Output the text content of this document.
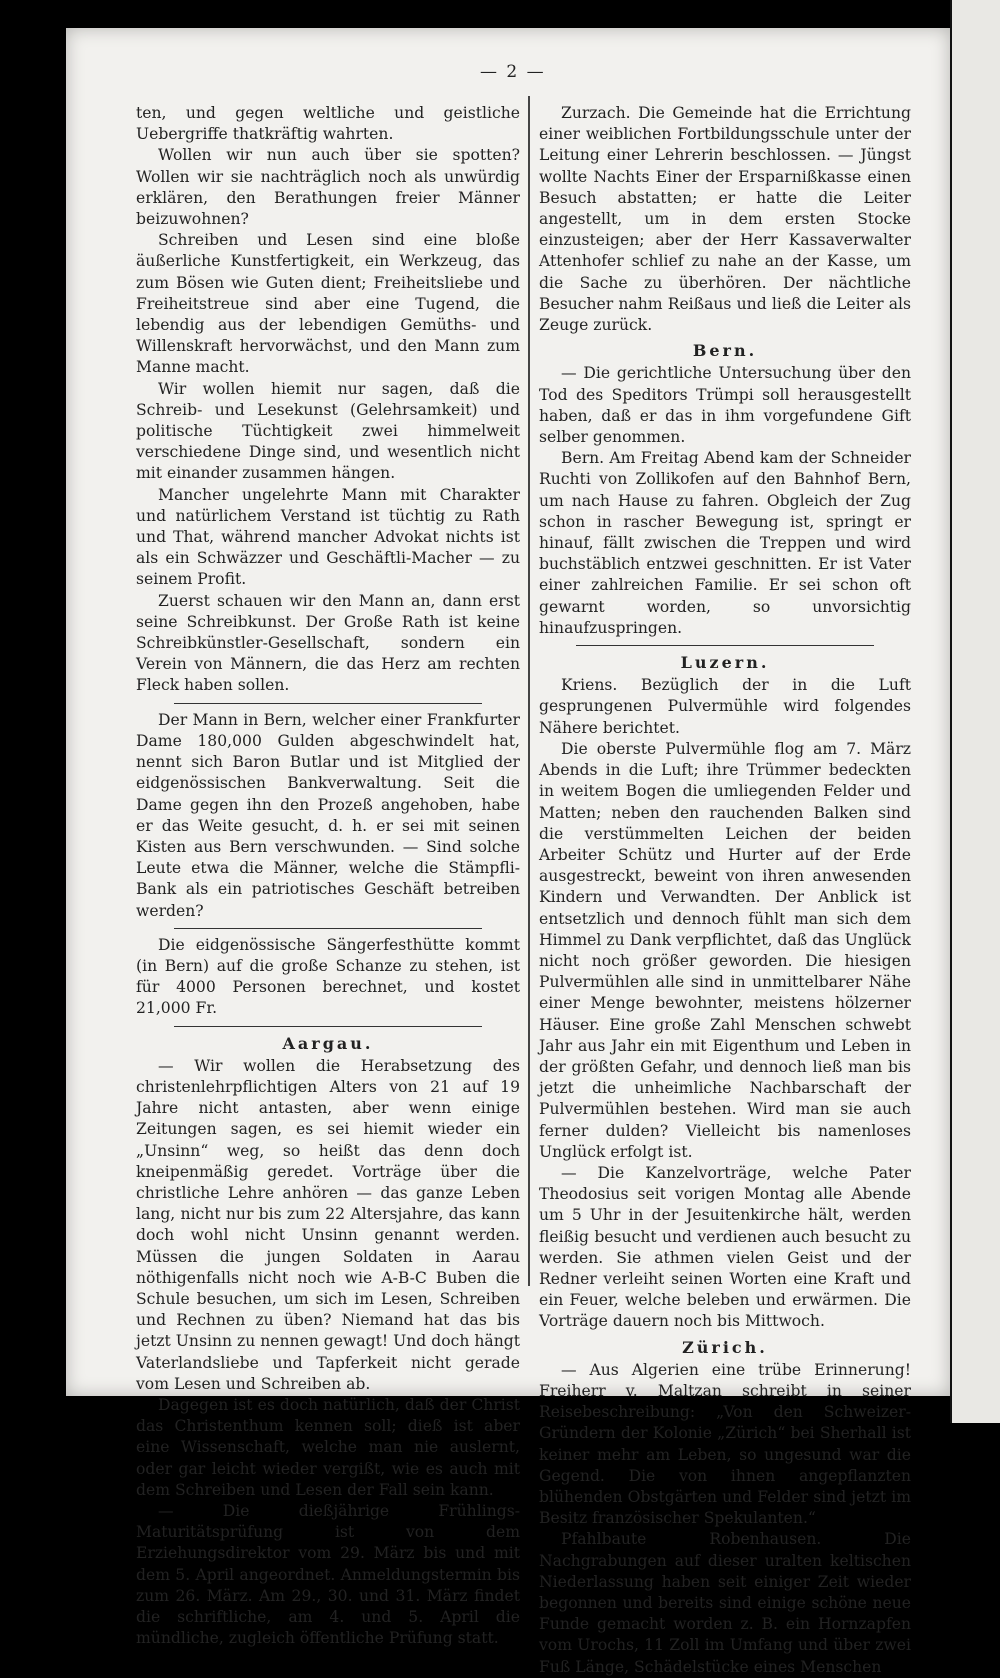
— 2 —

ten, und gegen weltliche und geistliche Uebergriffe thatkräftig wahrten.

Wollen wir nun auch über sie spotten? Wollen wir sie nachträglich noch als unwürdig erklären, den Berathungen freier Männer beizuwohnen?

Schreiben und Lesen sind eine bloße äußerliche Kunstfertigkeit, ein Werkzeug, das zum Bösen wie Guten dient; Freiheitsliebe und Freiheitstreue sind aber eine Tugend, die lebendig aus der lebendigen Gemüths- und Willenskraft hervorwächst, und den Mann zum Manne macht.

Wir wollen hiemit nur sagen, daß die Schreib- und Lesekunst (Gelehrsamkeit) und politische Tüchtigkeit zwei himmelweit verschiedene Dinge sind, und wesentlich nicht mit einander zusammen hängen.

Mancher ungelehrte Mann mit Charakter und natürlichem Verstand ist tüchtig zu Rath und That, während mancher Advokat nichts ist als ein Schwäzzer und Geschäftli-Macher — zu seinem Profit.

Zuerst schauen wir den Mann an, dann erst seine Schreibkunst. Der Große Rath ist keine Schreibkünstler-Gesellschaft, sondern ein Verein von Männern, die das Herz am rechten Fleck haben sollen.

Der Mann in Bern, welcher einer Frankfurter Dame 180,000 Gulden abgeschwindelt hat, nennt sich Baron Butlar und ist Mitglied der eidgenössischen Bankverwaltung. Seit die Dame gegen ihn den Prozeß angehoben, habe er das Weite gesucht, d. h. er sei mit seinen Kisten aus Bern verschwunden. — Sind solche Leute etwa die Männer, welche die Stämpfli-Bank als ein patriotisches Geschäft betreiben werden?

Die eidgenössische Sängerfesthütte kommt (in Bern) auf die große Schanze zu stehen, ist für 4000 Personen berechnet, und kostet 21,000 Fr.

Aargau.

— Wir wollen die Herabsetzung des christenlehrpflichtigen Alters von 21 auf 19 Jahre nicht antasten, aber wenn einige Zeitungen sagen, es sei hiemit wieder ein „Unsinn“ weg, so heißt das denn doch kneipenmäßig geredet. Vorträge über die christliche Lehre anhören — das ganze Leben lang, nicht nur bis zum 22 Altersjahre, das kann doch wohl nicht Unsinn genannt werden. Müssen die jungen Soldaten in Aarau nöthigenfalls nicht noch wie A-B-C Buben die Schule besuchen, um sich im Lesen, Schreiben und Rechnen zu üben? Niemand hat das bis jetzt Unsinn zu nennen gewagt! Und doch hängt Vaterlandsliebe und Tapferkeit nicht gerade vom Lesen und Schreiben ab.

Dagegen ist es doch natürlich, daß der Christ das Christenthum kennen soll; dieß ist aber eine Wissenschaft, welche man nie auslernt, oder gar leicht wieder vergißt, wie es auch mit dem Schreiben und Lesen der Fall sein kann.

— Die dießjährige Frühlings-Maturitätsprüfung ist von dem Erziehungsdirektor vom 29. März bis und mit dem 5. April angeordnet. Anmeldungstermin bis zum 26. März. Am 29., 30. und 31. März findet die schriftliche, am 4. und 5. April die mündliche, zugleich öffentliche Prüfung statt.

Zurzach. Die Gemeinde hat die Errichtung einer weiblichen Fortbildungsschule unter der Leitung einer Lehrerin beschlossen. — Jüngst wollte Nachts Einer der Ersparnißkasse einen Besuch abstatten; er hatte die Leiter angestellt, um in dem ersten Stocke einzusteigen; aber der Herr Kassaverwalter Attenhofer schlief zu nahe an der Kasse, um die Sache zu überhören. Der nächtliche Besucher nahm Reißaus und ließ die Leiter als Zeuge zurück.

Bern.

— Die gerichtliche Untersuchung über den Tod des Speditors Trümpi soll herausgestellt haben, daß er das in ihm vorgefundene Gift selber genommen.

Bern. Am Freitag Abend kam der Schneider Ruchti von Zollikofen auf den Bahnhof Bern, um nach Hause zu fahren. Obgleich der Zug schon in rascher Bewegung ist, springt er hinauf, fällt zwischen die Treppen und wird buchstäblich entzwei geschnitten. Er ist Vater einer zahlreichen Familie. Er sei schon oft gewarnt worden, so unvorsichtig hinaufzuspringen.

Luzern.

Kriens. Bezüglich der in die Luft gesprungenen Pulvermühle wird folgendes Nähere berichtet.

Die oberste Pulvermühle flog am 7. März Abends in die Luft; ihre Trümmer bedeckten in weitem Bogen die umliegenden Felder und Matten; neben den rauchenden Balken sind die verstümmelten Leichen der beiden Arbeiter Schütz und Hurter auf der Erde ausgestreckt, beweint von ihren anwesenden Kindern und Verwandten. Der Anblick ist entsetzlich und dennoch fühlt man sich dem Himmel zu Dank verpflichtet, daß das Unglück nicht noch größer geworden. Die hiesigen Pulvermühlen alle sind in unmittelbarer Nähe einer Menge bewohnter, meistens hölzerner Häuser. Eine große Zahl Menschen schwebt Jahr aus Jahr ein mit Eigenthum und Leben in der größten Gefahr, und dennoch ließ man bis jetzt die unheimliche Nachbarschaft der Pulvermühlen bestehen. Wird man sie auch ferner dulden? Vielleicht bis namenloses Unglück erfolgt ist.

— Die Kanzelvorträge, welche Pater Theodosius seit vorigen Montag alle Abende um 5 Uhr in der Jesuitenkirche hält, werden fleißig besucht und verdienen auch besucht zu werden. Sie athmen vielen Geist und der Redner verleiht seinen Worten eine Kraft und ein Feuer, welche beleben und erwärmen. Die Vorträge dauern noch bis Mittwoch.

Zürich.

— Aus Algerien eine trübe Erinnerung! Freiherr v. Maltzan schreibt in seiner Reisebeschreibung: „Von den Schweizer-Gründern der Kolonie „Zürich“ bei Sherhall ist keiner mehr am Leben, so ungesund war die Gegend. Die von ihnen angepflanzten blühenden Obstgärten und Felder sind jetzt im Besitz französischer Spekulanten.“

Pfahlbaute Robenhausen. Die Nachgrabungen auf dieser uralten keltischen Niederlassung haben seit einiger Zeit wieder begonnen und bereits sind einige schöne neue Funde gemacht worden z. B. ein Hornzapfen vom Urochs, 11 Zoll im Umfang und über zwei Fuß Länge, Schädelstücke eines Menschen
